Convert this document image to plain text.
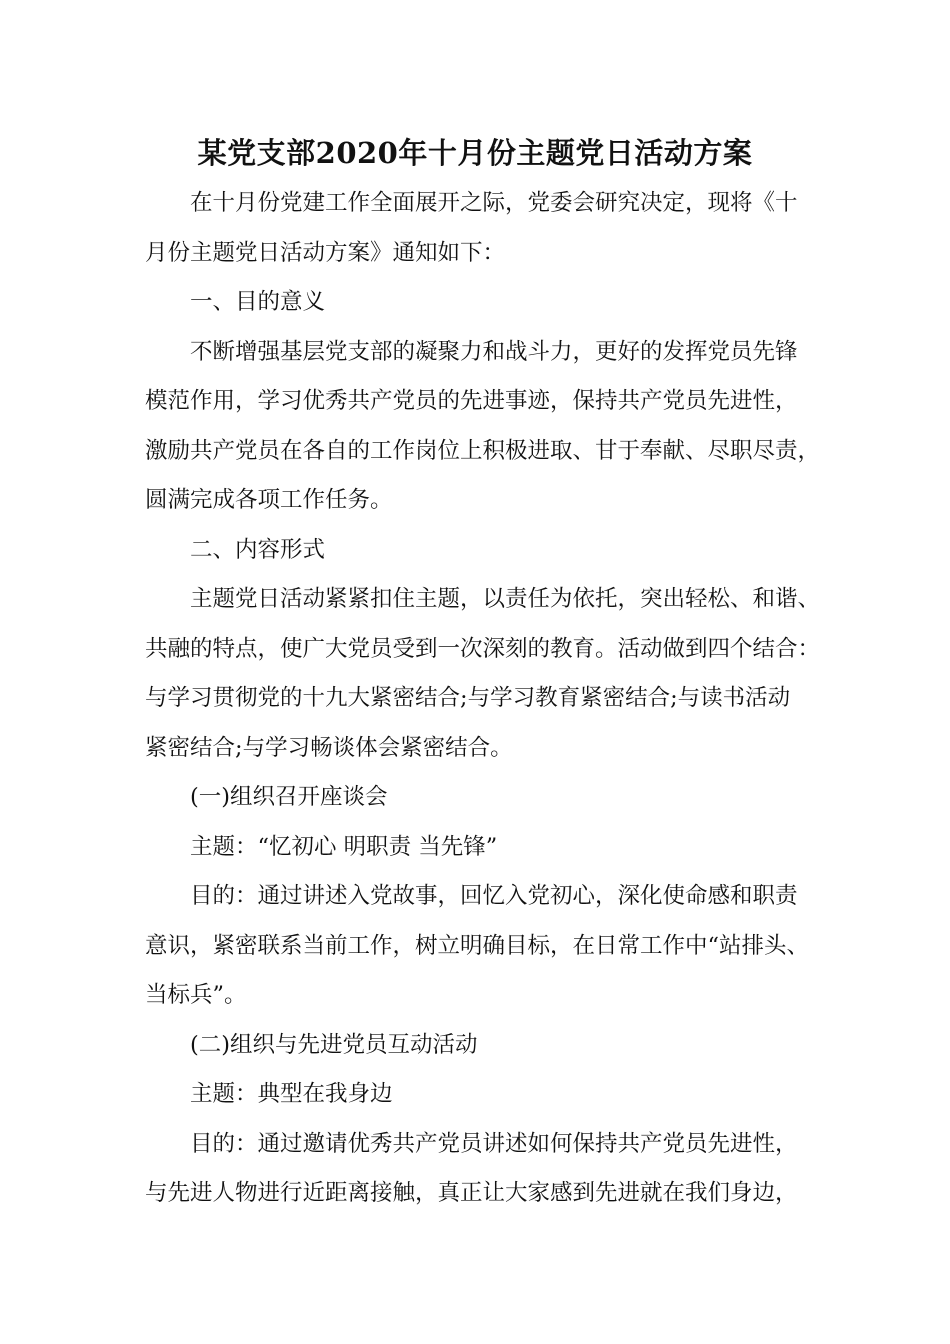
某党支部2020年十月份主题党日活动方案
在十月份党建工作全面展开之际，党委会研究决定，现将《十
月份主题党日活动方案》通知如下：
一、目的意义
不断增强基层党支部的凝聚力和战斗力，更好的发挥党员先锋
模范作用，学习优秀共产党员的先进事迹，保持共产党员先进性，
激励共产党员在各自的工作岗位上积极进取、甘于奉献、尽职尽责，
圆满完成各项工作任务。
二、内容形式
主题党日活动紧紧扣住主题，以责任为依托，突出轻松、和谐、
共融的特点，使广大党员受到一次深刻的教育。活动做到四个结合：
与学习贯彻党的十九大紧密结合;与学习教育紧密结合;与读书活动
紧密结合;与学习畅谈体会紧密结合。
(一)组织召开座谈会
主题：“忆初心 明职责 当先锋”
目的：通过讲述入党故事，回忆入党初心，深化使命感和职责
意识，紧密联系当前工作，树立明确目标，在日常工作中“站排头、
当标兵”。
(二)组织与先进党员互动活动
主题：典型在我身边
目的：通过邀请优秀共产党员讲述如何保持共产党员先进性，
与先进人物进行近距离接触，真正让大家感到先进就在我们身边，
